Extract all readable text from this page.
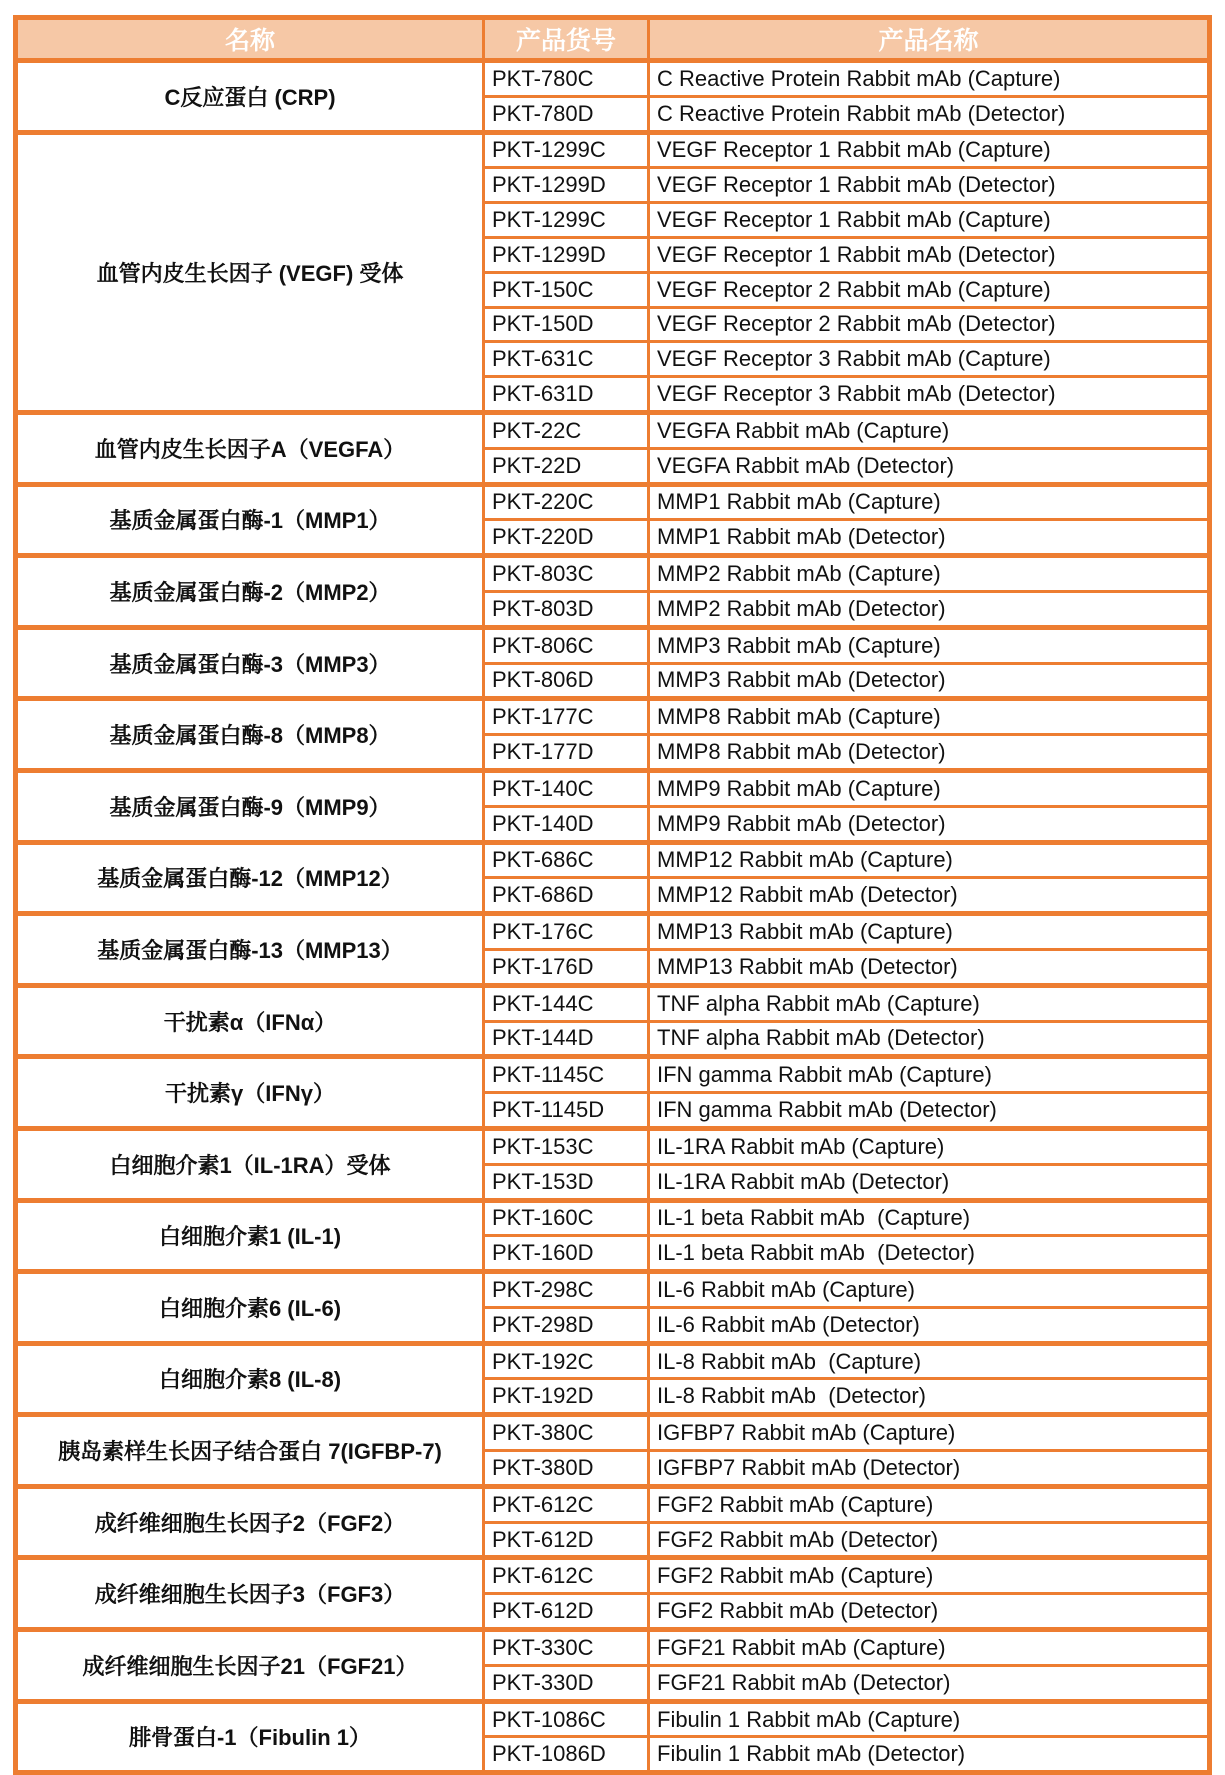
名称	产品货号	产品名称
C反应蛋白 (CRP)	PKT-780C	C Reactive Protein Rabbit mAb (Capture)
	PKT-780D	C Reactive Protein Rabbit mAb (Detector)
血管内皮生长因子 (VEGF) 受体	PKT-1299C	VEGF Receptor 1 Rabbit mAb (Capture)
	PKT-1299D	VEGF Receptor 1 Rabbit mAb (Detector)
	PKT-1299C	VEGF Receptor 1 Rabbit mAb (Capture)
	PKT-1299D	VEGF Receptor 1 Rabbit mAb (Detector)
	PKT-150C	VEGF Receptor 2 Rabbit mAb (Capture)
	PKT-150D	VEGF Receptor 2 Rabbit mAb (Detector)
	PKT-631C	VEGF Receptor 3 Rabbit mAb (Capture)
	PKT-631D	VEGF Receptor 3 Rabbit mAb (Detector)
血管内皮生长因子A（VEGFA）	PKT-22C	VEGFA Rabbit mAb (Capture)
	PKT-22D	VEGFA Rabbit mAb (Detector)
基质金属蛋白酶-1（MMP1）	PKT-220C	MMP1 Rabbit mAb (Capture)
	PKT-220D	MMP1 Rabbit mAb (Detector)
基质金属蛋白酶-2（MMP2）	PKT-803C	MMP2 Rabbit mAb (Capture)
	PKT-803D	MMP2 Rabbit mAb (Detector)
基质金属蛋白酶-3（MMP3）	PKT-806C	MMP3 Rabbit mAb (Capture)
	PKT-806D	MMP3 Rabbit mAb (Detector)
基质金属蛋白酶-8（MMP8）	PKT-177C	MMP8 Rabbit mAb (Capture)
	PKT-177D	MMP8 Rabbit mAb (Detector)
基质金属蛋白酶-9（MMP9）	PKT-140C	MMP9 Rabbit mAb (Capture)
	PKT-140D	MMP9 Rabbit mAb (Detector)
基质金属蛋白酶-12（MMP12）	PKT-686C	MMP12 Rabbit mAb (Capture)
	PKT-686D	MMP12 Rabbit mAb (Detector)
基质金属蛋白酶-13（MMP13）	PKT-176C	MMP13 Rabbit mAb (Capture)
	PKT-176D	MMP13 Rabbit mAb (Detector)
干扰素α（IFNα）	PKT-144C	TNF alpha Rabbit mAb (Capture)
	PKT-144D	TNF alpha Rabbit mAb (Detector)
干扰素γ（IFNγ）	PKT-1145C	IFN gamma Rabbit mAb (Capture)
	PKT-1145D	IFN gamma Rabbit mAb (Detector)
白细胞介素1（IL-1RA）受体	PKT-153C	IL-1RA Rabbit mAb (Capture)
	PKT-153D	IL-1RA Rabbit mAb (Detector)
白细胞介素1 (IL-1)	PKT-160C	IL-1 beta Rabbit mAb  (Capture)
	PKT-160D	IL-1 beta Rabbit mAb  (Detector)
白细胞介素6 (IL-6)	PKT-298C	IL-6 Rabbit mAb (Capture)
	PKT-298D	IL-6 Rabbit mAb (Detector)
白细胞介素8 (IL-8)	PKT-192C	IL-8 Rabbit mAb  (Capture)
	PKT-192D	IL-8 Rabbit mAb  (Detector)
胰岛素样生长因子结合蛋白 7(IGFBP-7)	PKT-380C	IGFBP7 Rabbit mAb (Capture)
	PKT-380D	IGFBP7 Rabbit mAb (Detector)
成纤维细胞生长因子2（FGF2）	PKT-612C	FGF2 Rabbit mAb (Capture)
	PKT-612D	FGF2 Rabbit mAb (Detector)
成纤维细胞生长因子3（FGF3）	PKT-612C	FGF2 Rabbit mAb (Capture)
	PKT-612D	FGF2 Rabbit mAb (Detector)
成纤维细胞生长因子21（FGF21）	PKT-330C	FGF21 Rabbit mAb (Capture)
	PKT-330D	FGF21 Rabbit mAb (Detector)
腓骨蛋白-1（Fibulin 1）	PKT-1086C	Fibulin 1 Rabbit mAb (Capture)
	PKT-1086D	Fibulin 1 Rabbit mAb (Detector)
